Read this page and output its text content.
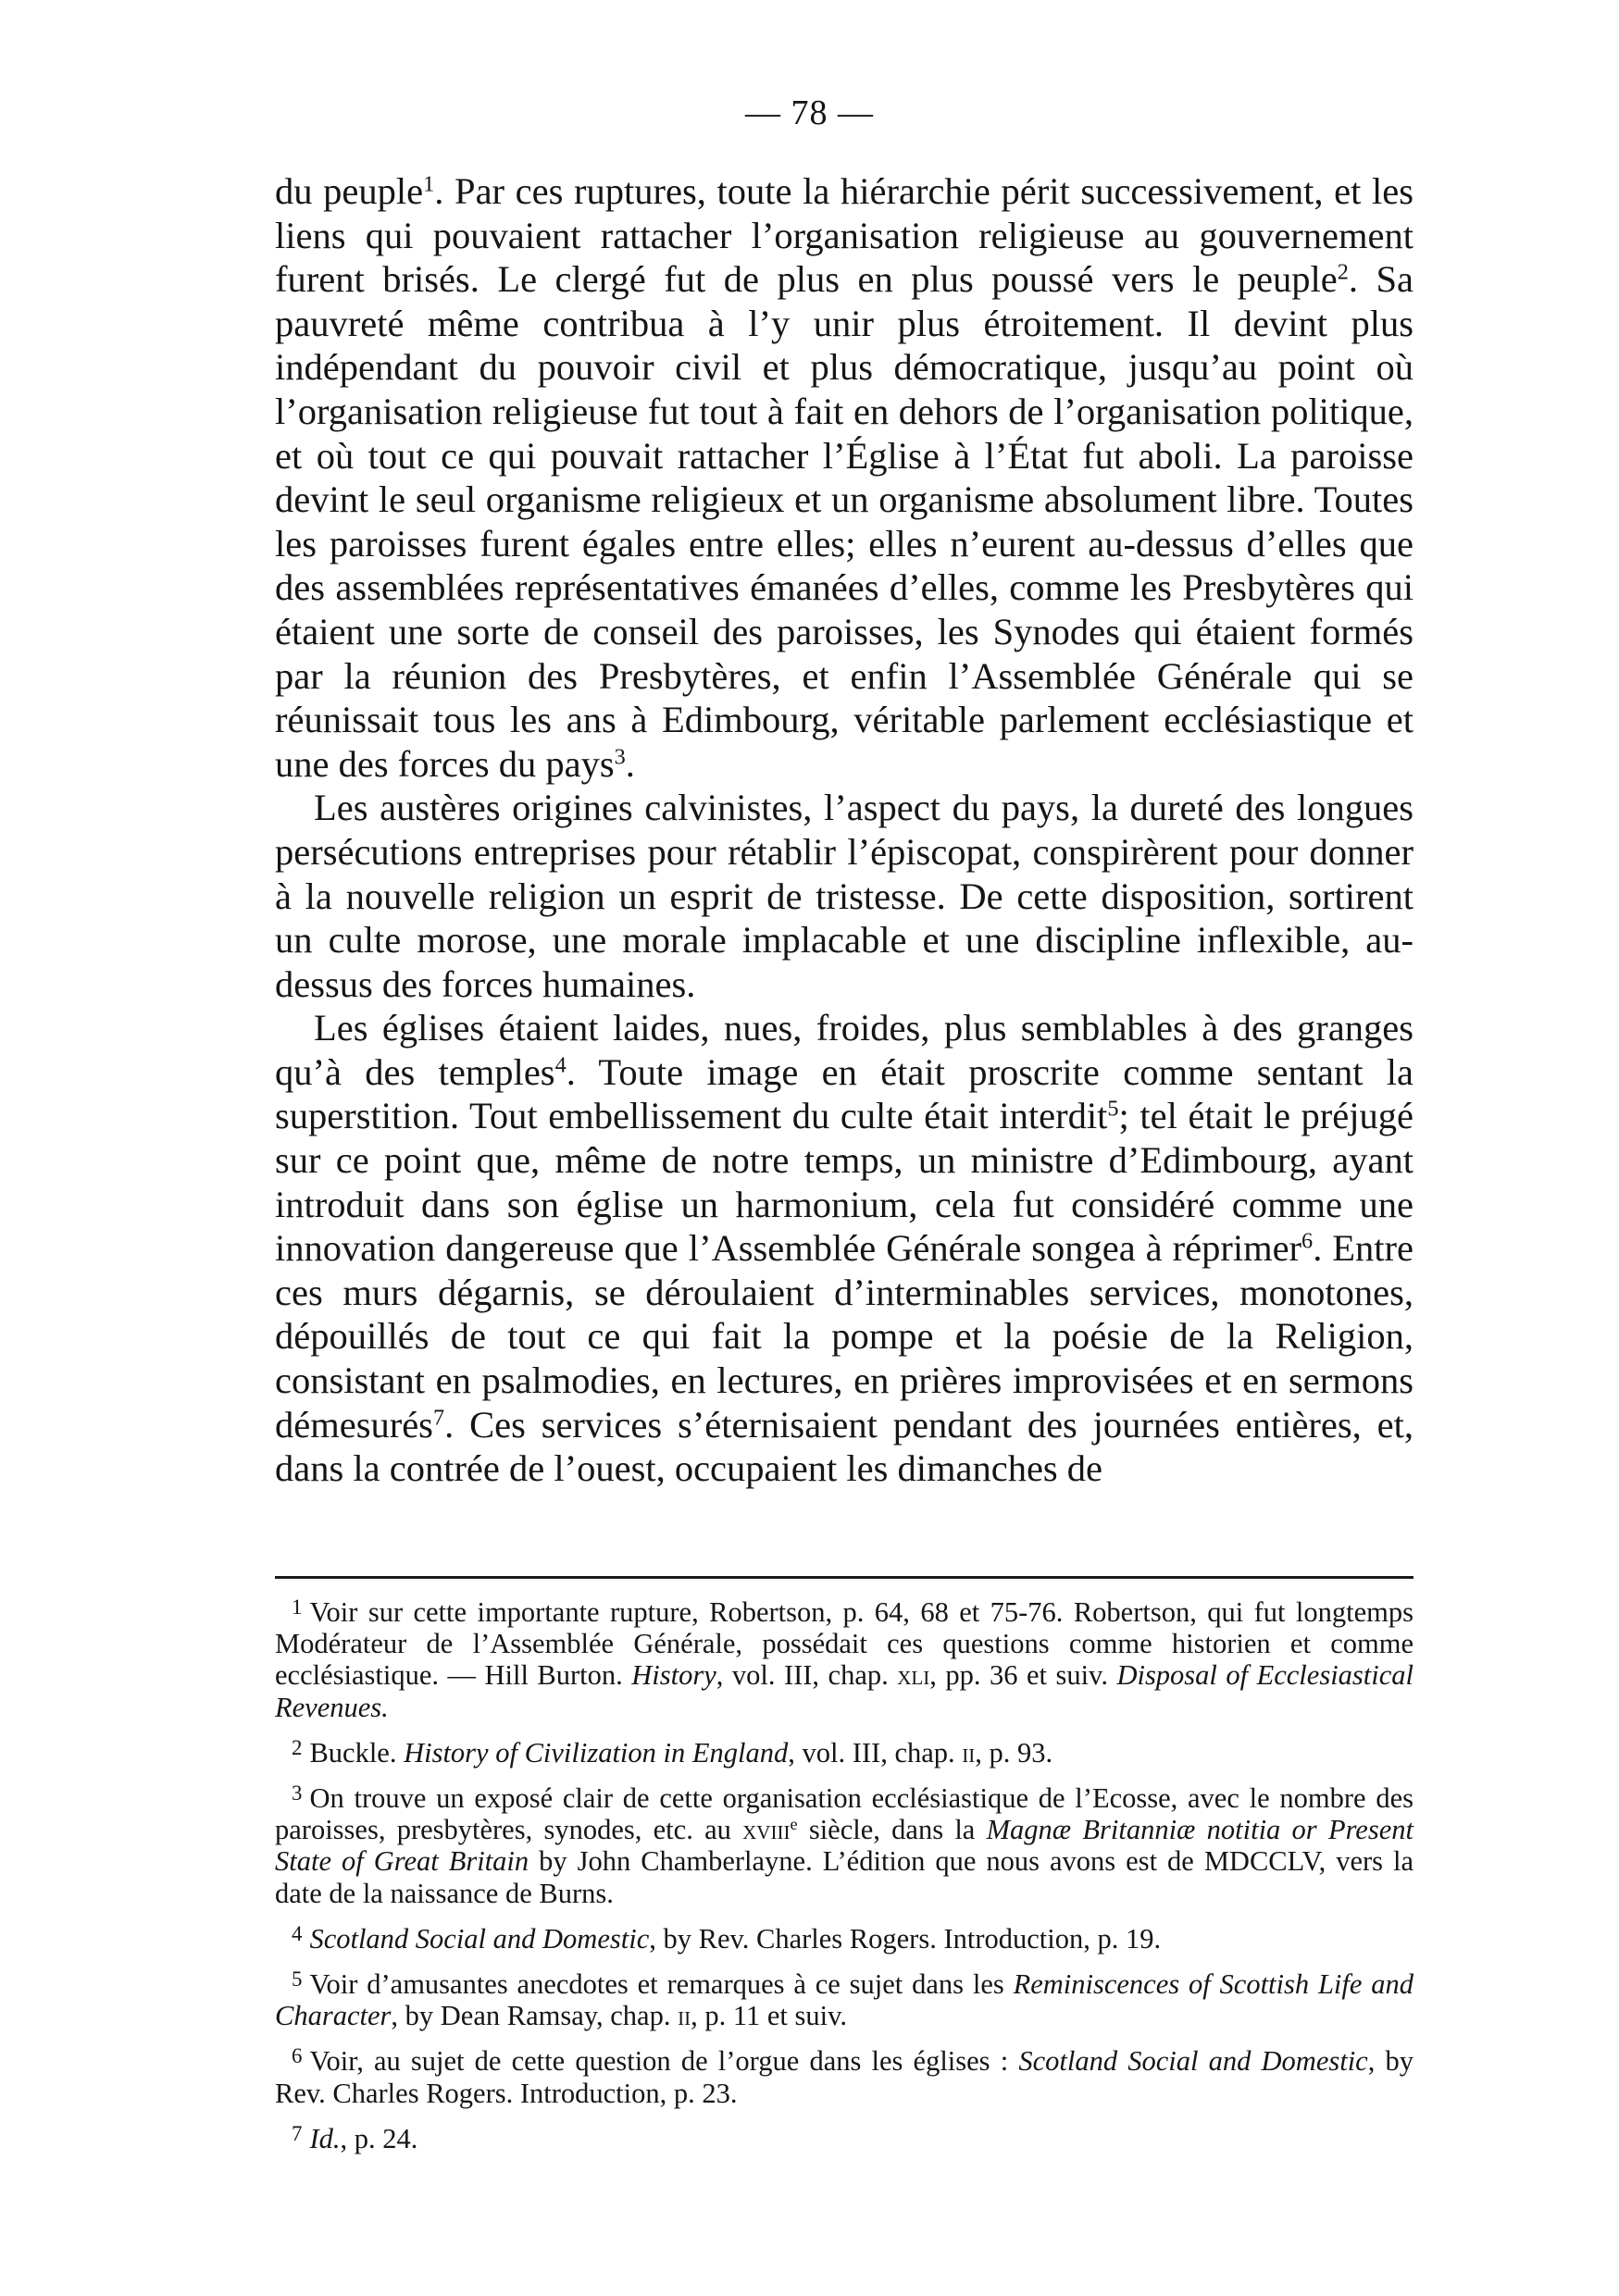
— 78 —

du peuple$^1$. Par ces ruptures, toute la hiérarchie périt successivement, et les liens qui pouvaient rattacher l’organisation religieuse au gouvernement furent brisés. Le clergé fut de plus en plus poussé vers le peuple$^2$. Sa pauvreté même contribua à l’y unir plus étroitement. Il devint plus indépendant du pouvoir civil et plus démocratique, jusqu’au point où l’organisation religieuse fut tout à fait en dehors de l’organisation politique, et où tout ce qui pouvait rattacher l’Église à l’État fut aboli. La paroisse devint le seul organisme religieux et un organisme absolument libre. Toutes les paroisses furent égales entre elles; elles n’eurent au-dessus d’elles que des assemblées représentatives émanées d’elles, comme les Presbytères qui étaient une sorte de conseil des paroisses, les Synodes qui étaient formés par la réunion des Presbytères, et enfin l’Assemblée Générale qui se réunissait tous les ans à Edimbourg, véritable parlement ecclésiastique et une des forces du pays$^3$.

Les austères origines calvinistes, l’aspect du pays, la dureté des longues persécutions entreprises pour rétablir l’épiscopat, conspirèrent pour donner à la nouvelle religion un esprit de tristesse. De cette disposition, sortirent un culte morose, une morale implacable et une discipline inflexible, au-dessus des forces humaines.

Les églises étaient laides, nues, froides, plus semblables à des granges qu’à des temples$^4$. Toute image en était proscrite comme sentant la superstition. Tout embellissement du culte était interdit$^5$; tel était le préjugé sur ce point que, même de notre temps, un ministre d’Edimbourg, ayant introduit dans son église un harmonium, cela fut considéré comme une innovation dangereuse que l’Assemblée Générale songea à réprimer$^6$. Entre ces murs dégarnis, se déroulaient d’interminables services, monotones, dépouillés de tout ce qui fait la pompe et la poésie de la Religion, consistant en psalmodies, en lectures, en prières improvisées et en sermons démesurés$^7$. Ces services s’éternisaient pendant des journées entières, et, dans la contrée de l’ouest, occupaient les dimanches de

$^1$ Voir sur cette importante rupture, Robertson, p. 64, 68 et 75-76. Robertson, qui fut longtemps Modérateur de l’Assemblée Générale, possédait ces questions comme historien et comme ecclésiastique. — Hill Burton. History, vol. III, chap. xli, pp. 36 et suiv. Disposal of Ecclesiastical Revenues.

$^2$ Buckle. History of Civilization in England, vol. III, chap. ii, p. 93.

$^3$ On trouve un exposé clair de cette organisation ecclésiastique de l’Ecosse, avec le nombre des paroisses, presbytères, synodes, etc. au xviii$^e$ siècle, dans la Magnæ Britanniæ notitia or Present State of Great Britain by John Chamberlayne. L’édition que nous avons est de MDCCLV, vers la date de la naissance de Burns.

$^4$ Scotland Social and Domestic, by Rev. Charles Rogers. Introduction, p. 19.

$^5$ Voir d’amusantes anecdotes et remarques à ce sujet dans les Reminiscences of Scottish Life and Character, by Dean Ramsay, chap. ii, p. 11 et suiv.

$^6$ Voir, au sujet de cette question de l’orgue dans les églises : Scotland Social and Domestic, by Rev. Charles Rogers. Introduction, p. 23.

$^7$ Id., p. 24.
